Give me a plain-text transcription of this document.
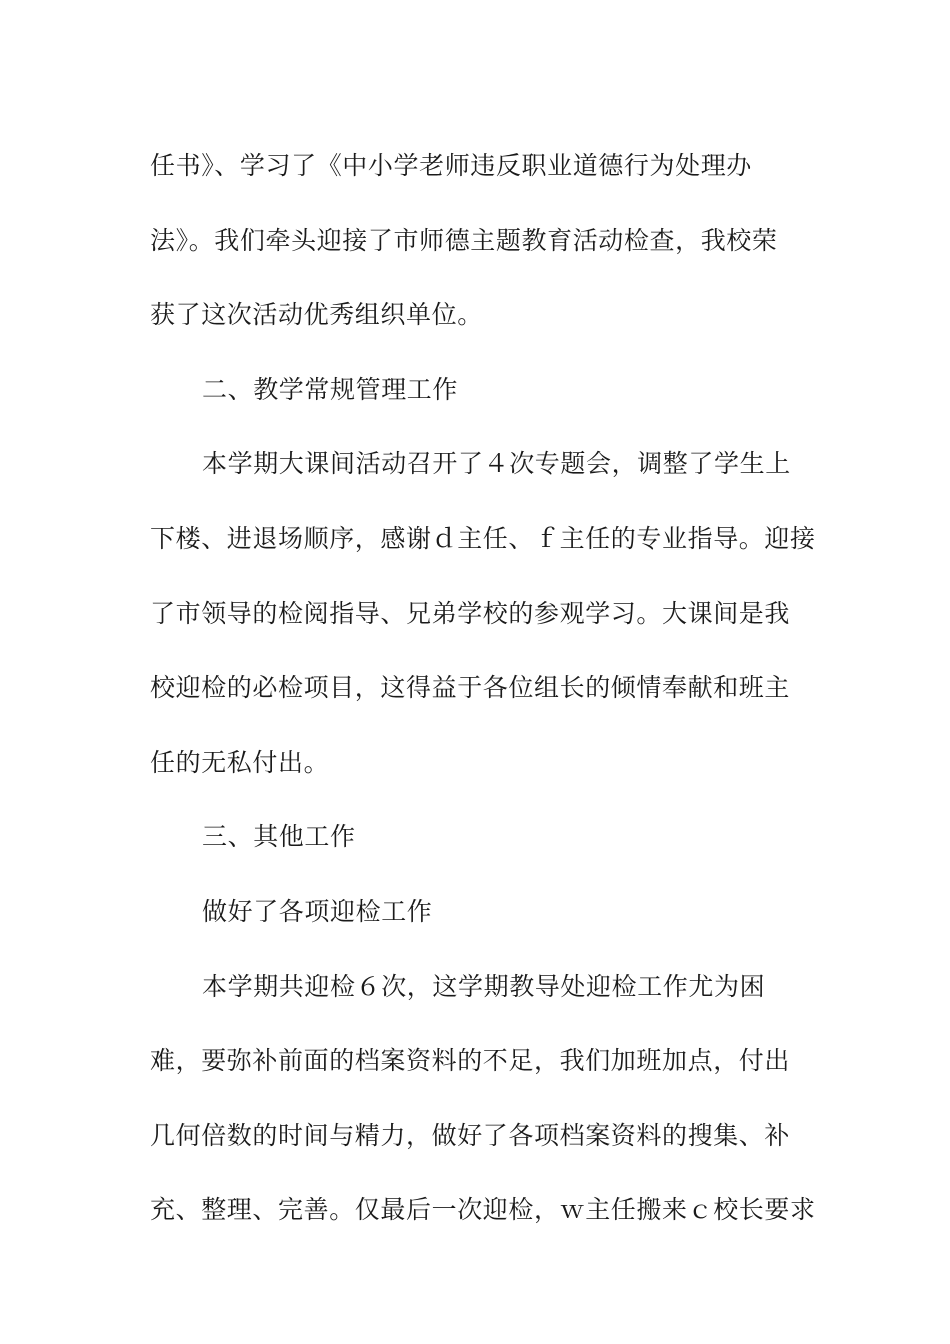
任书》、学习了《中小学老师违反职业道德行为处理办
法》。我们牵头迎接了市师德主题教育活动检查，我校荣
获了这次活动优秀组织单位。
二、教学常规管理工作
本学期大课间活动召开了４次专题会，调整了学生上
下楼、进退场顺序，感谢ｄ主任、ｆ主任的专业指导。迎接
了市领导的检阅指导、兄弟学校的参观学习。大课间是我
校迎检的必检项目，这得益于各位组长的倾情奉献和班主
任的无私付出。
三、其他工作
做好了各项迎检工作
本学期共迎检６次，这学期教导处迎检工作尤为困
难，要弥补前面的档案资料的不足，我们加班加点，付出
几何倍数的时间与精力，做好了各项档案资料的搜集、补
充、整理、完善。仅最后一次迎检，ｗ主任搬来ｃ校长要求
